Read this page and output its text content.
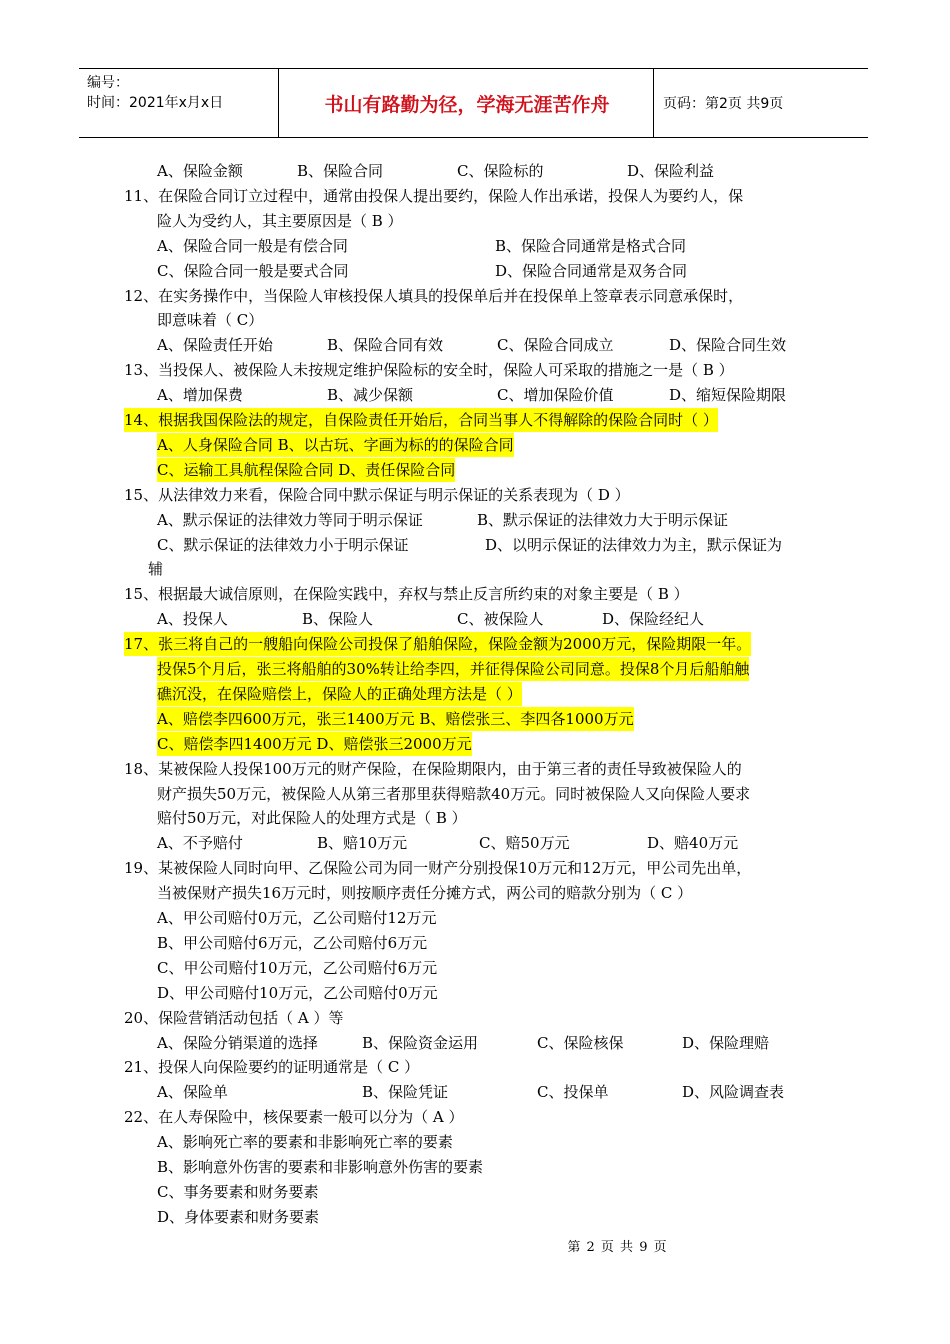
编号：
时间：2021年x月x日	书山有路勤为径，学海无涯苦作舟	页码：第2页 共9页
A、保险金额	B、保险合同	C、保险标的	D、保险利益
11、在保险合同订立过程中，通常由投保人提出要约，保险人作出承诺，投保人为要约人，保
险人为受约人，其主要原因是（ B ）
A、保险合同一般是有偿合同	B、保险合同通常是格式合同
C、保险合同一般是要式合同	D、保险合同通常是双务合同
12、在实务操作中，当保险人审核投保人填具的投保单后并在投保单上签章表示同意承保时，
即意味着（ C）
A、保险责任开始	B、保险合同有效	C、保险合同成立	D、保险合同生效
13、当投保人、被保险人未按规定维护保险标的安全时，保险人可采取的措施之一是（ B ）
A、增加保费	B、减少保额	C、增加保险价值	D、缩短保险期限
14、根据我国保险法的规定，自保险责任开始后，合同当事人不得解除的保险合同时（ ）
A、人身保险合同 B、以古玩、字画为标的的保险合同
C、运输工具航程保险合同 D、责任保险合同
15、从法律效力来看，保险合同中默示保证与明示保证的关系表现为（ D ）
A、默示保证的法律效力等同于明示保证	B、默示保证的法律效力大于明示保证
C、默示保证的法律效力小于明示保证	D、以明示保证的法律效力为主，默示保证为
辅
15、根据最大诚信原则，在保险实践中，弃权与禁止反言所约束的对象主要是（ B ）
A、投保人	B、保险人	C、被保险人	D、保险经纪人
17、张三将自己的一艘船向保险公司投保了船舶保险，保险金额为2000万元，保险期限一年。
投保5个月后，张三将船舶的30%转让给李四，并征得保险公司同意。投保8个月后船舶触
礁沉没，在保险赔偿上，保险人的正确处理方法是（ ）
A、赔偿李四600万元，张三1400万元 B、赔偿张三、李四各1000万元
C、赔偿李四1400万元 D、赔偿张三2000万元
18、某被保险人投保100万元的财产保险，在保险期限内，由于第三者的责任导致被保险人的
财产损失50万元，被保险人从第三者那里获得赔款40万元。同时被保险人又向保险人要求
赔付50万元，对此保险人的处理方式是（ B ）
A、不予赔付	B、赔10万元	C、赔50万元	D、赔40万元
19、某被保险人同时向甲、乙保险公司为同一财产分别投保10万元和12万元，甲公司先出单，
当被保财产损失16万元时，则按顺序责任分摊方式，两公司的赔款分别为（ C ）
A、甲公司赔付0万元，乙公司赔付12万元
B、甲公司赔付6万元，乙公司赔付6万元
C、甲公司赔付10万元，乙公司赔付6万元
D、甲公司赔付10万元，乙公司赔付0万元
20、保险营销活动包括（ A ）等
A、保险分销渠道的选择	B、保险资金运用	C、保险核保	D、保险理赔
21、投保人向保险要约的证明通常是（ C ）
A、保险单	B、保险凭证	C、投保单	D、风险调查表
22、在人寿保险中，核保要素一般可以分为（ A ）
A、影响死亡率的要素和非影响死亡率的要素
B、影响意外伤害的要素和非影响意外伤害的要素
C、事务要素和财务要素
D、身体要素和财务要素
第 2 页 共 9 页
